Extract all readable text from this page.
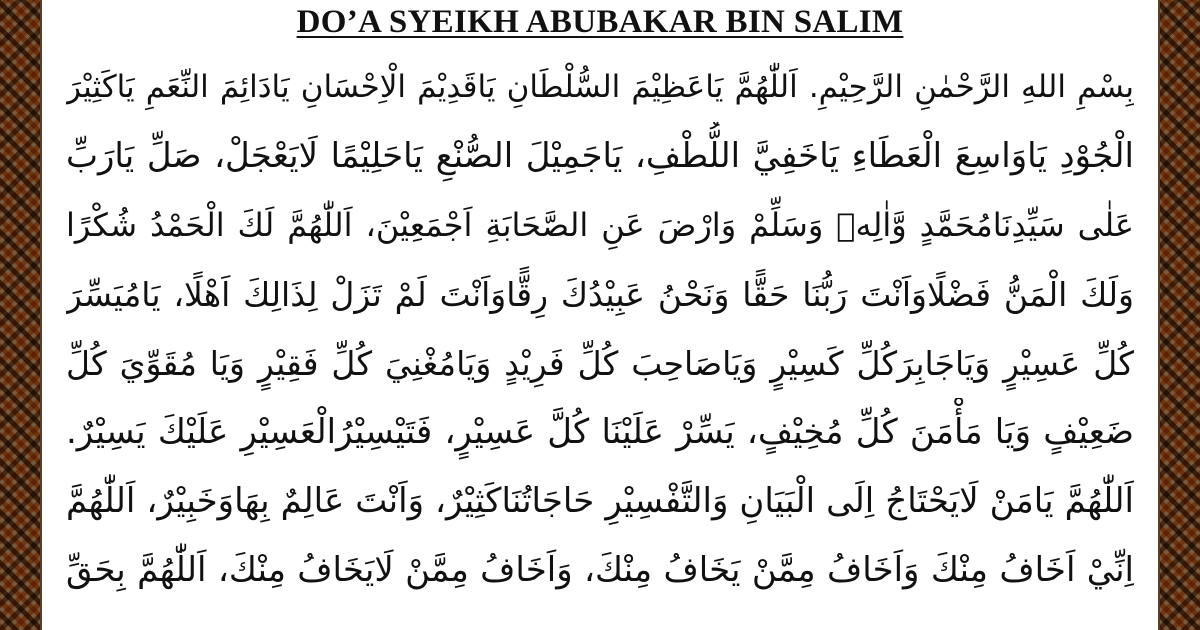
DO’A SYEIKH ABUBAKAR BIN SALIM
بِسْمِ اللهِ الرَّحْمٰنِ الرَّحِيْمِ. اَللّٰهُمَّ يَاعَظِيْمَ السُّلْطَانِ يَاقَدِيْمَ الْاِحْسَانِ يَادَائِمَ النِّعَمِ يَاكَثِيْرَ
الْجُوْدِ يَاوَاسِعَ الْعَطَاءِ يَاخَفِيَّ اللُّطْفِ، يَاجَمِيْلَ الصُّنْعِ يَاحَلِيْمًا لَايَعْجَلْ، صَلِّ يَارَبِّ
عَلٰى سَيِّدِنَامُحَمَّدٍ وَّاٰلِهٖ وَسَلِّمْ وَارْضَ عَنِ الصَّحَابَةِ اَجْمَعِيْنَ، اَللّٰهُمَّ لَكَ الْحَمْدُ شُكْرًا
وَلَكَ الْمَنُّ فَضْلًاوَاَنْتَ رَبُّنَا حَقًّا وَنَحْنُ عَبِيْدُكَ رِقًّاوَاَنْتَ لَمْ تَزَلْ لِذَالِكَ اَهْلًا، يَامُيَسِّرَ
كُلِّ عَسِيْرٍ وَيَاجَابِرَكُلِّ كَسِيْرٍ وَيَاصَاحِبَ كُلِّ فَرِيْدٍ وَيَامُغْنِيَ كُلِّ فَقِيْرٍ وَيَا مُقَوِّيَ كُلِّ
ضَعِيْفٍ وَيَا مَأْمَنَ كُلِّ مُخِيْفٍ، يَسِّرْ عَلَيْنَا كُلَّ عَسِيْرٍ، فَتَيْسِيْرُالْعَسِيْرِ عَلَيْكَ يَسِيْرٌ.
اَللّٰهُمَّ يَامَنْ لَايَحْتَاجُ اِلَى الْبَيَانِ وَالتَّفْسِيْرِ حَاجَاتُنَاكَثِيْرٌ، وَاَنْتَ عَالِمٌ بِهَاوَخَبِيْرٌ، اَللّٰهُمَّ
اِنِّيْ اَخَافُ مِنْكَ وَاَخَافُ مِمَّنْ يَخَافُ مِنْكَ، وَاَخَافُ مِمَّنْ لَايَخَافُ مِنْكَ، اَللّٰهُمَّ بِحَقِّ
